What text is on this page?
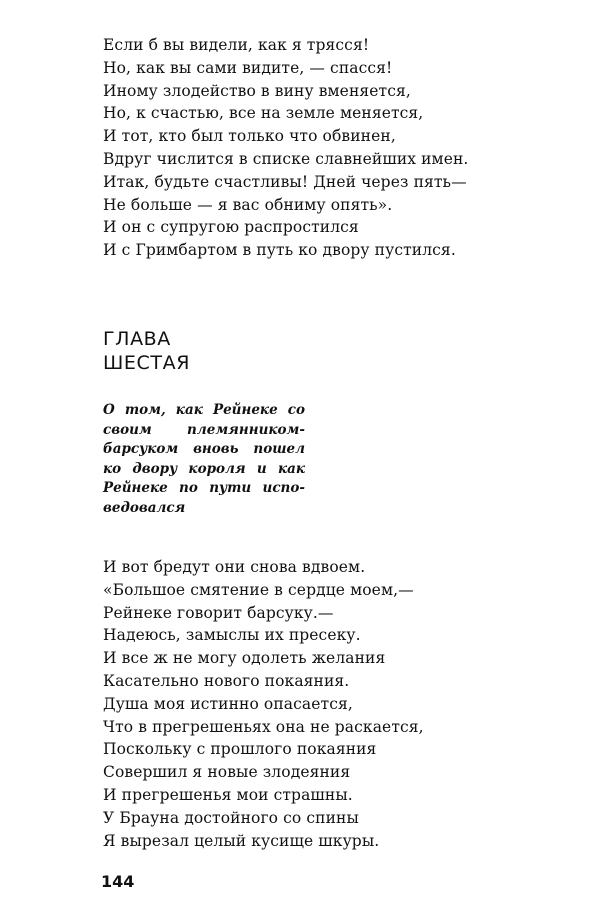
Если б вы видели, как я трясся!
Но, как вы сами видите, — спасся!
Иному злодейство в вину вменяется,
Но, к счастью, все на земле меняется,
И тот, кто был только что обвинен,
Вдруг числится в списке славнейших имен.
Итак, будьте счастливы! Дней через пять—
Не больше — я вас обниму опять».
И он с супругою распростился
И с Гримбартом в путь ко двору пустился.
ГЛАВА
ШЕСТАЯ

О том, как Рейнеке со своим племянником-барсуком вновь пошел ко двору короля и как Рейнеке по пути исповедовался

И вот бредут они снова вдвоем.
«Большое смятение в сердце моем,—
Рейнеке говорит барсуку.—
Надеюсь, замыслы их пресеку.
И все ж не могу одолеть желания
Касательно нового покаяния.
Душа моя истинно опасается,
Что в прегрешеньях она не раскается,
Поскольку с прошлого покаяния
Совершил я новые злодеяния
И прегрешенья мои страшны.
У Брауна достойного со спины
Я вырезал целый кусище шкуры.
144
